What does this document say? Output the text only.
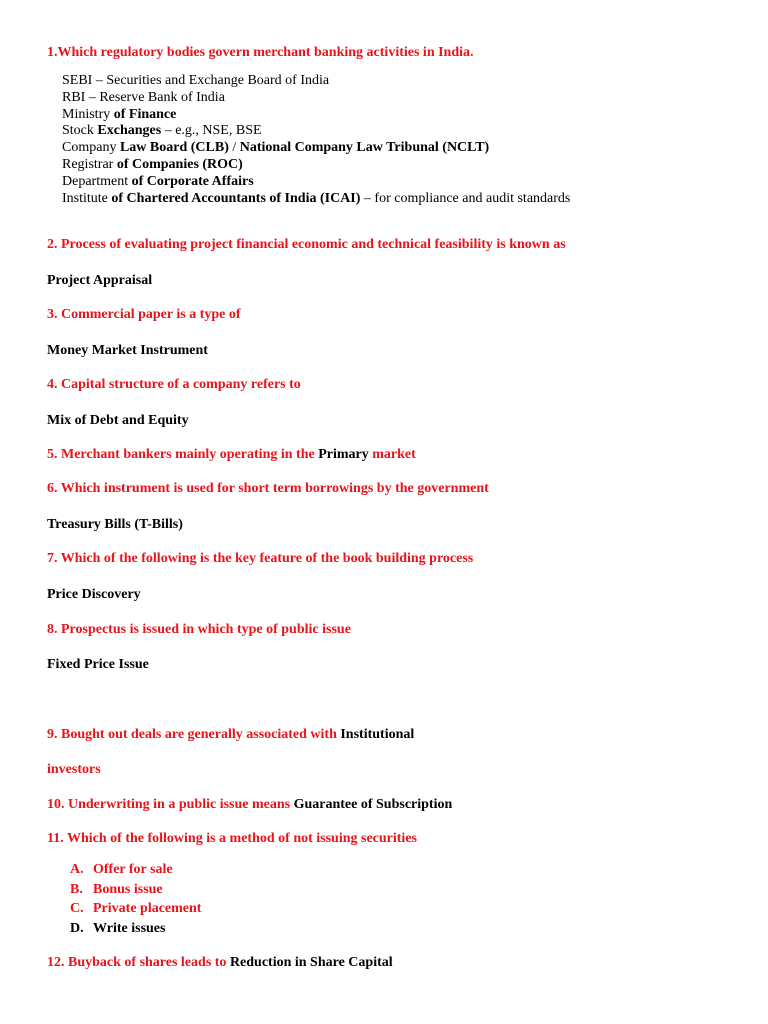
1.Which regulatory bodies govern merchant banking activities in India.
SEBI – Securities and Exchange Board of India
RBI – Reserve Bank of India
Ministry of Finance
Stock Exchanges – e.g., NSE, BSE
Company Law Board (CLB) / National Company Law Tribunal (NCLT)
Registrar of Companies (ROC)
Department of Corporate Affairs
Institute of Chartered Accountants of India (ICAI) – for compliance and audit standards
2. Process of evaluating project financial economic and technical feasibility is known as
Project Appraisal
3. Commercial paper is a type of
Money Market Instrument
4. Capital structure of a company refers to
Mix of Debt and Equity
5. Merchant bankers mainly operating in the Primary market
6. Which instrument is used for short term borrowings by the government
Treasury Bills (T-Bills)
7. Which of the following is the key feature of the book building process
Price Discovery
8. Prospectus is issued in which type of public issue
Fixed Price Issue
9. Bought out deals are generally associated with Institutional
investors
10. Underwriting in a public issue means Guarantee of Subscription
11. Which of the following is a method of not issuing securities
A. Offer for sale
B. Bonus issue
C. Private placement
D. Write issues
12. Buyback of shares leads to Reduction in Share Capital
